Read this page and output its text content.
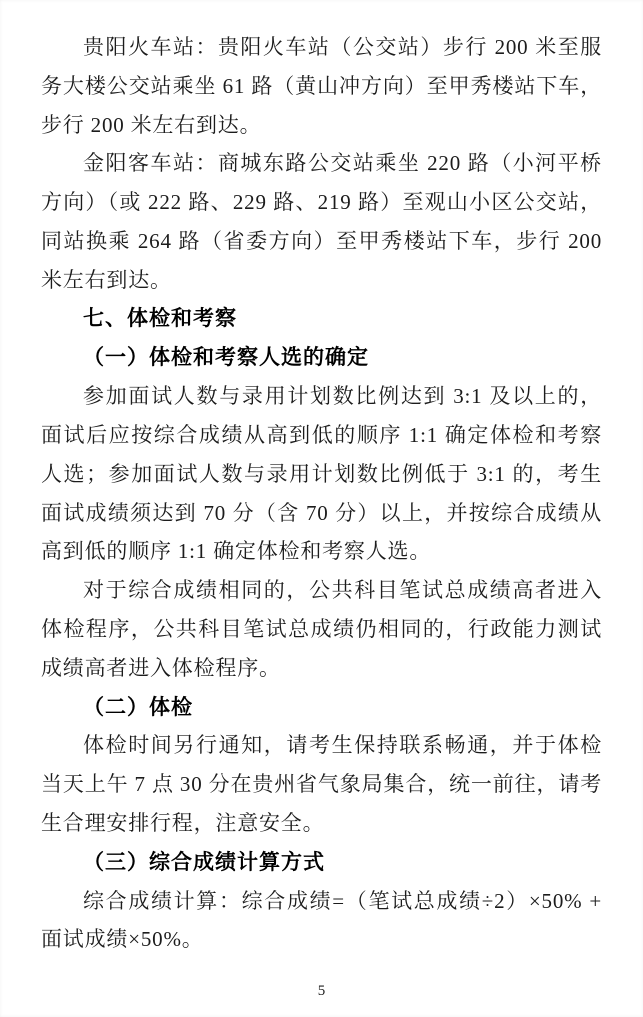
贵阳火车站：贵阳火车站（公交站）步行 200 米至服务大楼公交站乘坐 61 路（黄山冲方向）至甲秀楼站下车，步行 200 米左右到达。

金阳客车站：商城东路公交站乘坐 220 路（小河平桥方向）（或 222 路、229 路、219 路）至观山小区公交站，同站换乘 264 路（省委方向）至甲秀楼站下车，步行 200 米左右到达。

七、体检和考察

（一）体检和考察人选的确定

参加面试人数与录用计划数比例达到 3:1 及以上的，面试后应按综合成绩从高到低的顺序 1:1 确定体检和考察人选；参加面试人数与录用计划数比例低于 3:1 的，考生面试成绩须达到 70 分（含 70 分）以上，并按综合成绩从高到低的顺序 1:1 确定体检和考察人选。

对于综合成绩相同的，公共科目笔试总成绩高者进入体检程序，公共科目笔试总成绩仍相同的，行政能力测试成绩高者进入体检程序。

（二）体检

体检时间另行通知，请考生保持联系畅通，并于体检当天上午 7 点 30 分在贵州省气象局集合，统一前往，请考生合理安排行程，注意安全。

（三）综合成绩计算方式

综合成绩计算：综合成绩=（笔试总成绩÷2）×50% + 面试成绩×50%。

5
